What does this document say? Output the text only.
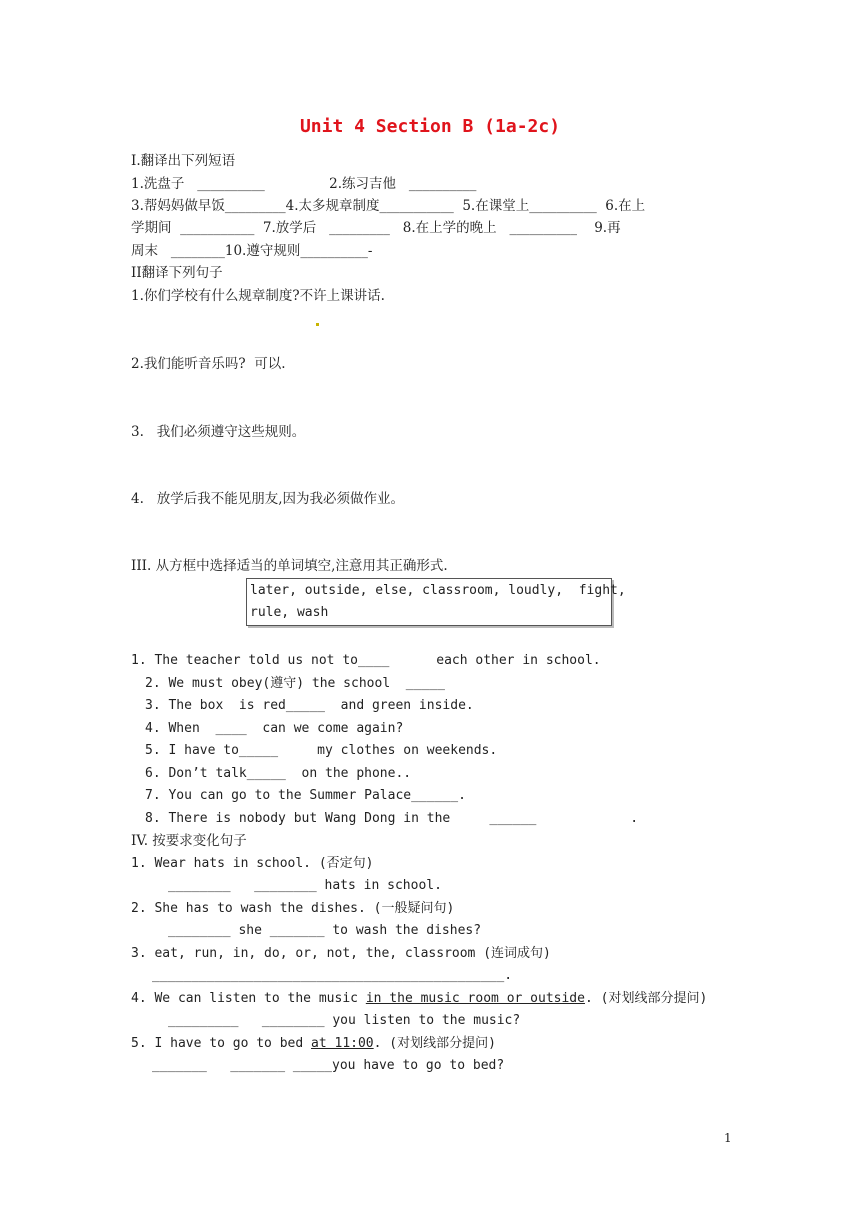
Unit 4 Section B (1a-2c)
I.翻译出下列短语
1.洗盘子   __________               2.练习吉他   __________
3.帮妈妈做早饭_________4.太多规章制度___________  5.在课堂上__________  6.在上
学期间  ___________  7.放学后   _________   8.在上学的晚上   __________    9.再
周末   ________10.遵守规则__________-
II翻译下列句子
1.你们学校有什么规章制度?不许上课讲话.
2.我们能听音乐吗?  可以.
3.   我们必须遵守这些规则。
4.   放学后我不能见朋友,因为我必须做作业。
III. 从方框中选择适当的单词填空,注意用其正确形式.
later, outside, else, classroom, loudly,  fight,
rule, wash
1. The teacher told us not to____      each other in school.
2. We must obey(遵守) the school  _____
3. The box  is red_____  and green inside.
4. When  ____  can we come again?
5. I have to_____     my clothes on weekends.
6. Don’t talk_____  on the phone..
7. You can go to the Summer Palace______.
8. There is nobody but Wang Dong in the     ______            .
IV. 按要求变化句子
1. Wear hats in school. (否定句)
________   ________ hats in school.
2. She has to wash the dishes. (一般疑问句)
________ she _______ to wash the dishes?
3. eat, run, in, do, or, not, the, classroom (连词成句)
_____________________________________________.
4. We can listen to the music in the music room or outside. (对划线部分提问)
_________   ________ you listen to the music?
5. I have to go to bed at 11:00. (对划线部分提问)
_______   _______ _____you have to go to bed?
1
